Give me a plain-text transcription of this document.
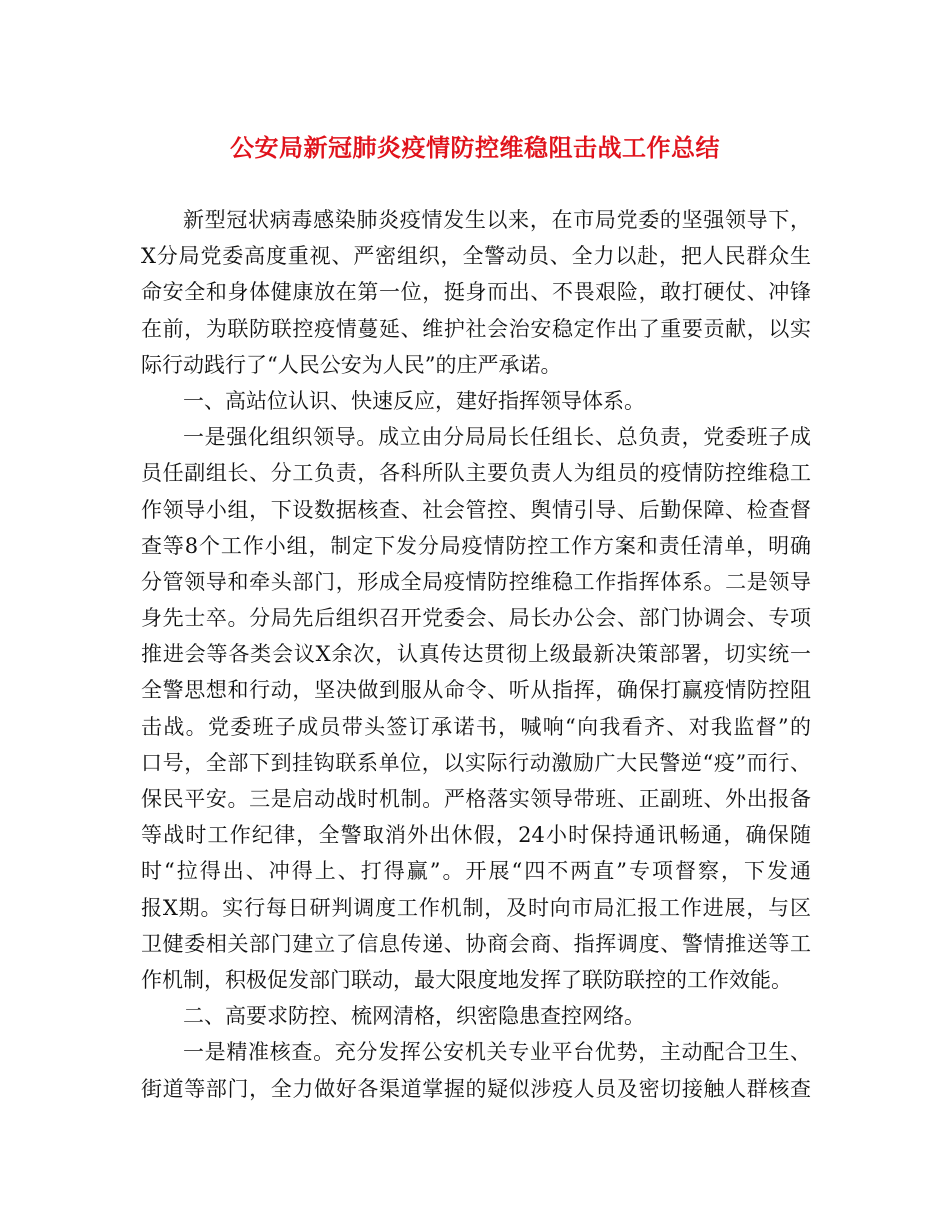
公安局新冠肺炎疫情防控维稳阻击战工作总结
新型冠状病毒感染肺炎疫情发生以来，在市局党委的坚强领导下，
X分局党委高度重视、严密组织，全警动员、全力以赴，把人民群众生
命安全和身体健康放在第一位，挺身而出、不畏艰险，敢打硬仗、冲锋
在前，为联防联控疫情蔓延、维护社会治安稳定作出了重要贡献，以实
际行动践行了“人民公安为人民”的庄严承诺。
一、高站位认识、快速反应，建好指挥领导体系。
一是强化组织领导。成立由分局局长任组长、总负责，党委班子成
员任副组长、分工负责，各科所队主要负责人为组员的疫情防控维稳工
作领导小组，下设数据核查、社会管控、舆情引导、后勤保障、检查督
查等8个工作小组，制定下发分局疫情防控工作方案和责任清单，明确
分管领导和牵头部门，形成全局疫情防控维稳工作指挥体系。二是领导
身先士卒。分局先后组织召开党委会、局长办公会、部门协调会、专项
推进会等各类会议X余次，认真传达贯彻上级最新决策部署，切实统一
全警思想和行动，坚决做到服从命令、听从指挥，确保打赢疫情防控阻
击战。党委班子成员带头签订承诺书，喊响“向我看齐、对我监督”的
口号，全部下到挂钩联系单位，以实际行动激励广大民警逆“疫”而行、
保民平安。三是启动战时机制。严格落实领导带班、正副班、外出报备
等战时工作纪律，全警取消外出休假，24小时保持通讯畅通，确保随
时“拉得出、冲得上、打得赢”。开展“四不两直”专项督察，下发通
报X期。实行每日研判调度工作机制，及时向市局汇报工作进展，与区
卫健委相关部门建立了信息传递、协商会商、指挥调度、警情推送等工
作机制，积极促发部门联动，最大限度地发挥了联防联控的工作效能。
二、高要求防控、梳网清格，织密隐患查控网络。
一是精准核查。充分发挥公安机关专业平台优势，主动配合卫生、
街道等部门，全力做好各渠道掌握的疑似涉疫人员及密切接触人群核查
